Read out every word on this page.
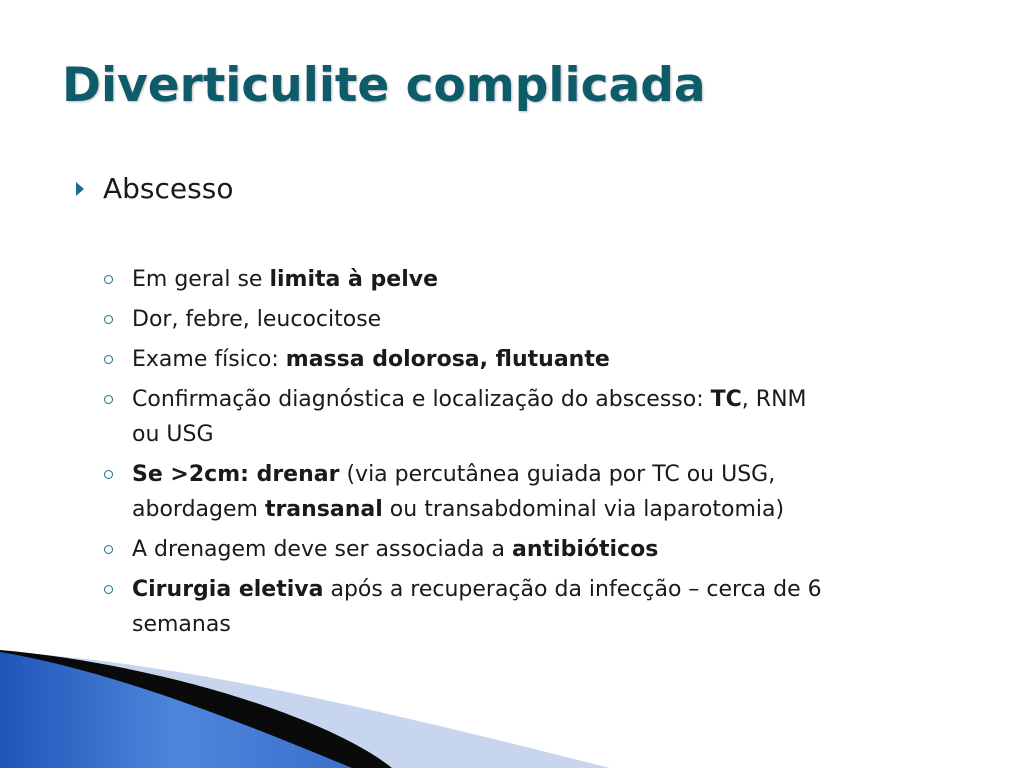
Diverticulite complicada
Abscesso
Em geral se limita à pelve
Dor, febre, leucocitose
Exame físico: massa dolorosa, flutuante
Confirmação diagnóstica e localização do abscesso: TC, RNM
ou USG
Se >2cm: drenar (via percutânea guiada por TC ou USG,
abordagem transanal ou transabdominal via laparotomia)
A drenagem deve ser associada a antibióticos
Cirurgia eletiva após a recuperação da infecção – cerca de 6
semanas
